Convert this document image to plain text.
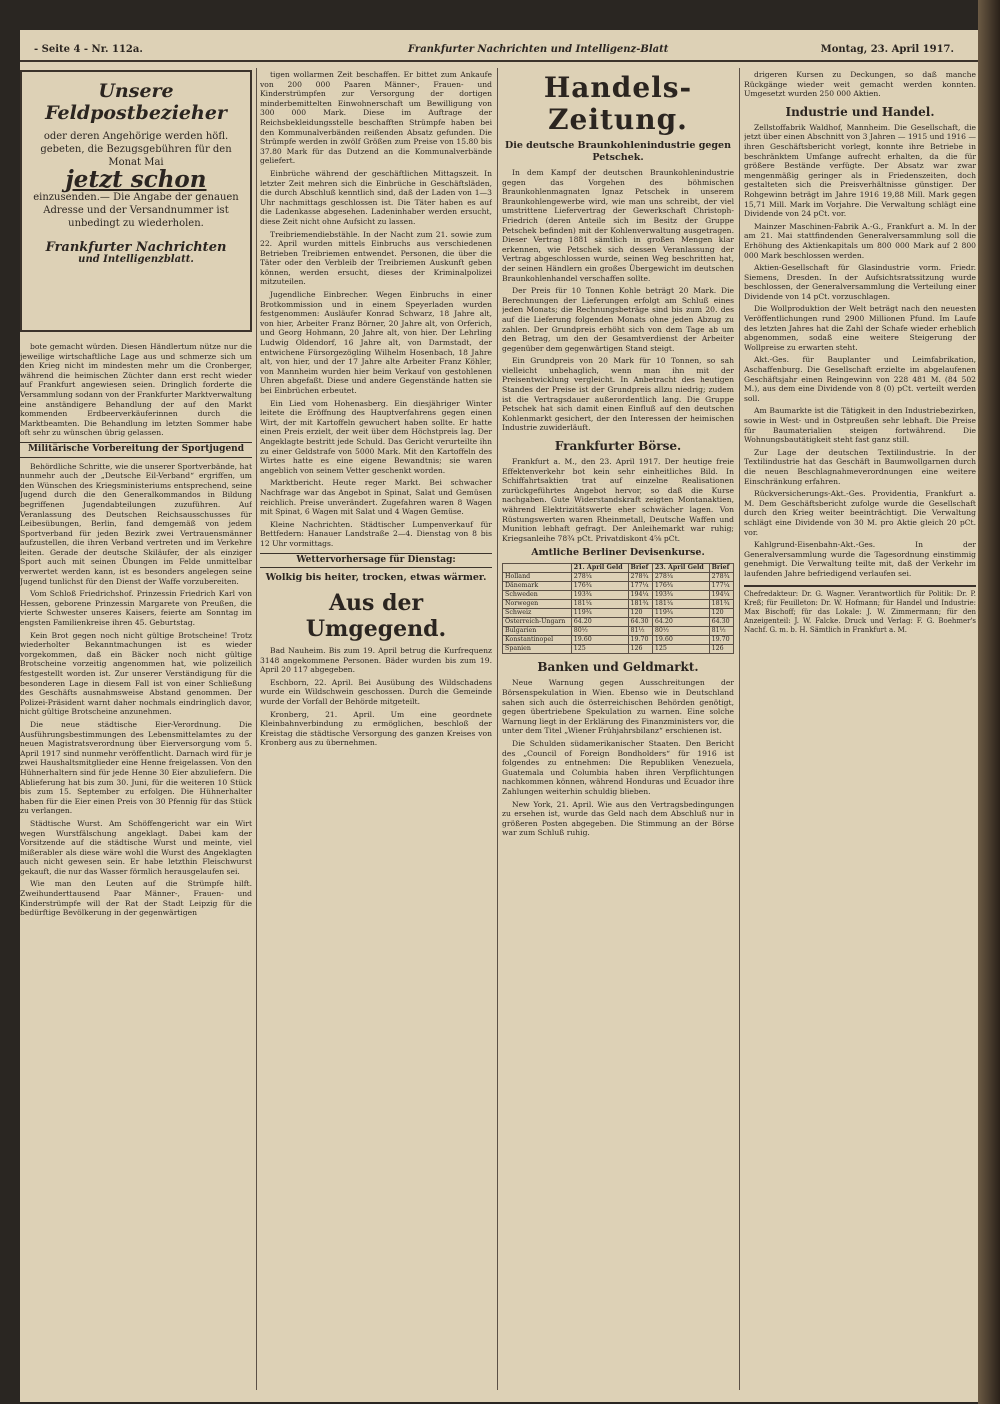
- Seite 4 - Nr. 112a.	Frankfurter Nachrichten und Intelligenz-Blatt	Montag, 23. April 1917.
Unsere Feldpostbezieher
oder deren Angehörige werden höfl. gebeten, die Bezugsgebühren für den Monat Mai
jetzt schon
einzusenden.— Die Angabe der genauen Adresse und der Versandnummer ist unbedingt zu wiederholen.
Frankfurter Nachrichten
und Intelligenzblatt.

bote gemacht würden. Diesen Händlertum nütze nur die jeweilige wirtschaftliche Lage aus und schmerze sich um den Krieg nicht im mindesten mehr um die Cronberger, während die heimischen Züchter dann erst recht wieder auf Frankfurt angewiesen seien. Dringlich forderte die Versammlung sodann von der Frankfurter Marktverwaltung eine anständigere Behandlung der auf den Markt kommenden Erdbeerverkäuferinnen durch die Marktbeamten. Die Behandlung im letzten Sommer habe oft sehr zu wünschen übrig gelassen.

Militärische Vorbereitung der Sportjugend

Behördliche Schritte, wie die unserer Sportverbände, hat nunmehr auch der „Deutsche Eil-Verband“ ergriffen, um den Wünschen des Kriegsministeriums entsprechend, seine Jugend durch die den Generalkommandos in Bildung begriffenen Jugendabteilungen zuzuführen. Auf Veranlassung des Deutschen Reichsausschusses für Leibesübungen, Berlin, fand demgemäß von jedem Sportverband für jeden Bezirk zwei Vertrauensmänner aufzustellen, die ihren Verband vertreten und im Verkehre leiten. Gerade der deutsche Skiläufer, der als einziger Sport auch mit seinen Übungen im Felde unmittelbar verwertet werden kann, ist es besonders angelegen seine Jugend tunlichst für den Dienst der Waffe vorzubereiten.

Vom Schloß Friedrichshof. Prinzessin Friedrich Karl von Hessen, geborene Prinzessin Margarete von Preußen, die vierte Schwester unseres Kaisers, feierte am Sonntag im engsten Familienkreise ihren 45. Geburtstag.

Kein Brot gegen noch nicht gültige Brotscheine! Trotz wiederholter Bekanntmachungen ist es wieder vorgekommen, daß ein Bäcker noch nicht gültige Brotscheine vorzeitig angenommen hat, wie polizeilich festgestellt worden ist. Zur unserer Verständigung für die besonderen Lage in diesem Fall ist von einer Schließung des Geschäfts ausnahmsweise Abstand genommen. Der Polizei-Präsident warnt daher nochmals eindringlich davor, nicht gültige Brotscheine anzunehmen.

Die neue städtische Eier-Verordnung. Die Ausführungsbestimmungen des Lebensmittelamtes zu der neuen Magistratsverordnung über Eierversorgung vom 5. April 1917 sind nunmehr veröffentlicht. Darnach wird für je zwei Haushaltsmitglieder eine Henne freigelassen. Von den Hühnerhaltern sind für jede Henne 30 Eier abzuliefern. Die Ablieferung hat bis zum 30. Juni, für die weiteren 10 Stück bis zum 15. September zu erfolgen. Die Hühnerhalter haben für die Eier einen Preis von 30 Pfennig für das Stück zu verlangen.

Städtische Wurst. Am Schöffengericht war ein Wirt wegen Wurstfälschung angeklagt. Dabei kam der Vorsitzende auf die städtische Wurst und meinte, viel mißerabler als diese wäre wohl die Wurst des Angeklagten auch nicht gewesen sein. Er habe letzthin Fleischwurst gekauft, die nur das Wasser förmlich herausgelaufen sei.

Wie man den Leuten auf die Strümpfe hilft. Zweihunderttausend Paar Männer-, Frauen- und Kinderstrümpfe will der Rat der Stadt Leipzig für die bedürftige Bevölkerung in der gegenwärtigen

tigen wollarmen Zeit beschaffen. Er bittet zum Ankaufe von 200 000 Paaren Männer-, Frauen- und Kinderstrümpfen zur Versorgung der dortigen minderbemittelten Einwohnerschaft um Bewilligung von 300 000 Mark. Diese im Auftrage der Reichsbekleidungsstelle beschafften Strümpfe haben bei den Kommunalverbänden reißenden Absatz gefunden. Die Strümpfe werden in zwölf Größen zum Preise von 15.80 bis 37.80 Mark für das Dutzend an die Kommunalverbände geliefert.

Einbrüche während der geschäftlichen Mittagszeit. In letzter Zeit mehren sich die Einbrüche in Geschäftsläden, die durch Abschluß kenntlich sind, daß der Laden von 1—3 Uhr nachmittags geschlossen ist. Die Täter haben es auf die Ladenkasse abgesehen. Ladeninhaber werden ersucht, diese Zeit nicht ohne Aufsicht zu lassen.

Treibriemendiebstähle. In der Nacht zum 21. sowie zum 22. April wurden mittels Einbruchs aus verschiedenen Betrieben Treibriemen entwendet. Personen, die über die Täter oder den Verbleib der Treibriemen Auskunft geben können, werden ersucht, dieses der Kriminalpolizei mitzuteilen.

Jugendliche Einbrecher. Wegen Einbruchs in einer Brotkommission und in einem Speyerladen wurden festgenommen: Ausläufer Konrad Schwarz, 18 Jahre alt, von hier, Arbeiter Franz Börner, 20 Jahre alt, von Orferich, und Georg Hohmann, 20 Jahre alt, von hier. Der Lehrling Ludwig Oldendorf, 16 Jahre alt, von Darmstadt, der entwichene Fürsorgezögling Wilhelm Hosenbach, 18 Jahre alt, von hier, und der 17 Jahre alte Arbeiter Franz Köhler, von Mannheim wurden hier beim Verkauf von gestohlenen Uhren abgefaßt. Diese und andere Gegenstände hatten sie bei Einbrüchen erbeutet.

Ein Lied vom Hohenasberg. Ein diesjähriger Winter leitete die Eröffnung des Hauptverfahrens gegen einen Wirt, der mit Kartoffeln gewuchert haben sollte. Er hatte einen Preis erzielt, der weit über dem Höchstpreis lag. Der Angeklagte bestritt jede Schuld. Das Gericht verurteilte ihn zu einer Geldstrafe von 5000 Mark. Mit den Kartoffeln des Wirtes hatte es eine eigene Bewandtnis; sie waren angeblich von seinem Vetter geschenkt worden.

Marktbericht. Heute reger Markt. Bei schwacher Nachfrage war das Angebot in Spinat, Salat und Gemüsen reichlich. Preise unverändert. Zugefahren waren 8 Wagen mit Spinat, 6 Wagen mit Salat und 4 Wagen Gemüse.

Kleine Nachrichten. Städtischer Lumpenverkauf für Bettfedern: Hanauer Landstraße 2—4. Dienstag von 8 bis 12 Uhr vormittags.

Wettervorhersage für Dienstag:
Wolkig bis heiter, trocken, etwas wärmer.
Aus der Umgegend.

Bad Nauheim. Bis zum 19. April betrug die Kurfrequenz 3148 angekommene Personen. Bäder wurden bis zum 19. April 20 117 abgegeben.

Eschborn, 22. April. Bei Ausübung des Wildschadens wurde ein Wildschwein geschossen. Durch die Gemeinde wurde der Vorfall der Behörde mitgeteilt.

Kronberg, 21. April. Um eine geordnete Kleinbahnverbindung zu ermöglichen, beschloß der Kreistag die städtische Versorgung des ganzen Kreises von Kronberg aus zu übernehmen.

Handels-Zeitung.
Die deutsche Braunkohlenindustrie gegen Petschek.

In dem Kampf der deutschen Braunkohlenindustrie gegen das Vorgehen des böhmischen Braunkohlenmagnaten Ignaz Petschek in unserem Braunkohlengewerbe wird, wie man uns schreibt, der viel umstrittene Liefervertrag der Gewerkschaft Christoph-Friedrich (deren Anteile sich im Besitz der Gruppe Petschek befinden) mit der Kohlenverwaltung ausgetragen. Dieser Vertrag 1881 sämtlich in großen Mengen klar erkennen, wie Petschek sich dessen Veranlassung der Vertrag abgeschlossen wurde, seinen Weg beschritten hat, der seinen Händlern ein großes Übergewicht im deutschen Braunkohlenhandel verschaffen sollte.

Der Preis für 10 Tonnen Kohle beträgt 20 Mark. Die Berechnungen der Lieferungen erfolgt am Schluß eines jeden Monats; die Rechnungsbeträge sind bis zum 20. des auf die Lieferung folgenden Monats ohne jeden Abzug zu zahlen. Der Grundpreis erhöht sich von dem Tage ab um den Betrag, um den der Gesamtverdienst der Arbeiter gegenüber dem gegenwärtigen Stand steigt.

Ein Grundpreis von 20 Mark für 10 Tonnen, so sah vielleicht unbehaglich, wenn man ihn mit der Preisentwicklung vergleicht. In Anbetracht des heutigen Standes der Preise ist der Grundpreis allzu niedrig; zudem ist die Vertragsdauer außerordentlich lang. Die Gruppe Petschek hat sich damit einen Einfluß auf den deutschen Kohlenmarkt gesichert, der den Interessen der heimischen Industrie zuwiderläuft.

Frankfurter Börse.

Frankfurt a. M., den 23. April 1917. Der heutige freie Effektenverkehr bot kein sehr einheitliches Bild. In Schiffahrtsaktien trat auf einzelne Realisationen zurückgeführtes Angebot hervor, so daß die Kurse nachgaben. Gute Widerstandskraft zeigten Montanaktien, während Elektrizitätswerte eher schwächer lagen. Von Rüstungswerten waren Rheinmetall, Deutsche Waffen und Munition lebhaft gefragt. Der Anleihemarkt war ruhig; Kriegsanleihe 78¾ pCt. Privatdiskont 4⅝ pCt.

Amtliche Berliner Devisenkurse.
	21. April Geld	Brief	23. April Geld	Brief
Holland	278¼	278¾	278¼	278¾
Dänemark	176¾	177¼	176¾	177¼
Schweden	193¾	194¼	193¾	194¼
Norwegen	181¼	181¾	181¼	181¾
Schweiz	119¾	120	119¾	120
Österreich-Ungarn	64.20	64.30	64.20	64.30
Bulgarien	80½	81½	80½	81½
Konstantinopel	19.60	19.70	19.60	19.70
Spanien	125	126	125	126
Banken und Geldmarkt.

Neue Warnung gegen Ausschreitungen der Börsenspekulation in Wien. Ebenso wie in Deutschland sahen sich auch die österreichischen Behörden genötigt, gegen übertriebene Spekulation zu warnen. Eine solche Warnung liegt in der Erklärung des Finanzministers vor, die unter dem Titel „Wiener Frühjahrsbilanz“ erschienen ist.

Die Schulden südamerikanischer Staaten. Den Bericht des „Council of Foreign Bondholders“ für 1916 ist folgendes zu entnehmen: Die Republiken Venezuela, Guatemala und Columbia haben ihren Verpflichtungen nachkommen können, während Honduras und Ecuador ihre Zahlungen weiterhin schuldig blieben.

New York, 21. April. Wie aus den Vertragsbedingungen zu ersehen ist, wurde das Geld nach dem Abschluß nur in größeren Posten abgegeben. Die Stimmung an der Börse war zum Schluß ruhig.

drigeren Kursen zu Deckungen, so daß manche Rückgänge wieder weit gemacht werden konnten. Umgesetzt wurden 250 000 Aktien.

Industrie und Handel.

Zellstoffabrik Waldhof, Mannheim. Die Gesellschaft, die jetzt über einen Abschnitt von 3 Jahren — 1915 und 1916 — ihren Geschäftsbericht vorlegt, konnte ihre Betriebe in beschränktem Umfange aufrecht erhalten, da die für größere Bestände verfügte. Der Absatz war zwar mengenmäßig geringer als in Friedenszeiten, doch gestalteten sich die Preisverhältnisse günstiger. Der Rohgewinn beträgt im Jahre 1916 19,88 Mill. Mark gegen 15,71 Mill. Mark im Vorjahre. Die Verwaltung schlägt eine Dividende von 24 pCt. vor.

Mainzer Maschinen-Fabrik A.-G., Frankfurt a. M. In der am 21. Mai stattfindenden Generalversammlung soll die Erhöhung des Aktienkapitals um 800 000 Mark auf 2 800 000 Mark beschlossen werden.

Aktien-Gesellschaft für Glasindustrie vorm. Friedr. Siemens, Dresden. In der Aufsichtsratssitzung wurde beschlossen, der Generalversammlung die Verteilung einer Dividende von 14 pCt. vorzuschlagen.

Die Wollproduktion der Welt beträgt nach den neuesten Veröffentlichungen rund 2900 Millionen Pfund. Im Laufe des letzten Jahres hat die Zahl der Schafe wieder erheblich abgenommen, sodaß eine weitere Steigerung der Wollpreise zu erwarten steht.

Akt.-Ges. für Bauplanter und Leimfabrikation, Aschaffenburg. Die Gesellschaft erzielte im abgelaufenen Geschäftsjahr einen Reingewinn von 228 481 M. (84 502 M.), aus dem eine Dividende von 8 (0) pCt. verteilt werden soll.

Am Baumarkte ist die Tätigkeit in den Industriebezirken, sowie in West- und in Ostpreußen sehr lebhaft. Die Preise für Baumaterialien steigen fortwährend. Die Wohnungsbautätigkeit steht fast ganz still.

Zur Lage der deutschen Textilindustrie. In der Textilindustrie hat das Geschäft in Baumwollgarnen durch die neuen Beschlagnahmeverordnungen eine weitere Einschränkung erfahren.

Rückversicherungs-Akt.-Ges. Providentia, Frankfurt a. M. Dem Geschäftsbericht zufolge wurde die Gesellschaft durch den Krieg weiter beeinträchtigt. Die Verwaltung schlägt eine Dividende von 30 M. pro Aktie gleich 20 pCt. vor.

Kahlgrund-Eisenbahn-Akt.-Ges. In der Generalversammlung wurde die Tagesordnung einstimmig genehmigt. Die Verwaltung teilte mit, daß der Verkehr im laufenden Jahre befriedigend verlaufen sei.

Chefredakteur: Dr. G. Wagner. Verantwortlich für Politik: Dr. P. Kreß; für Feuilleton: Dr. W. Hofmann; für Handel und Industrie: Max Bischoff; für das Lokale: J. W. Zimmermann; für den Anzeigenteil: J. W. Falcke. Druck und Verlag: F. G. Boehmer's Nachf. G. m. b. H. Sämtlich in Frankfurt a. M.
